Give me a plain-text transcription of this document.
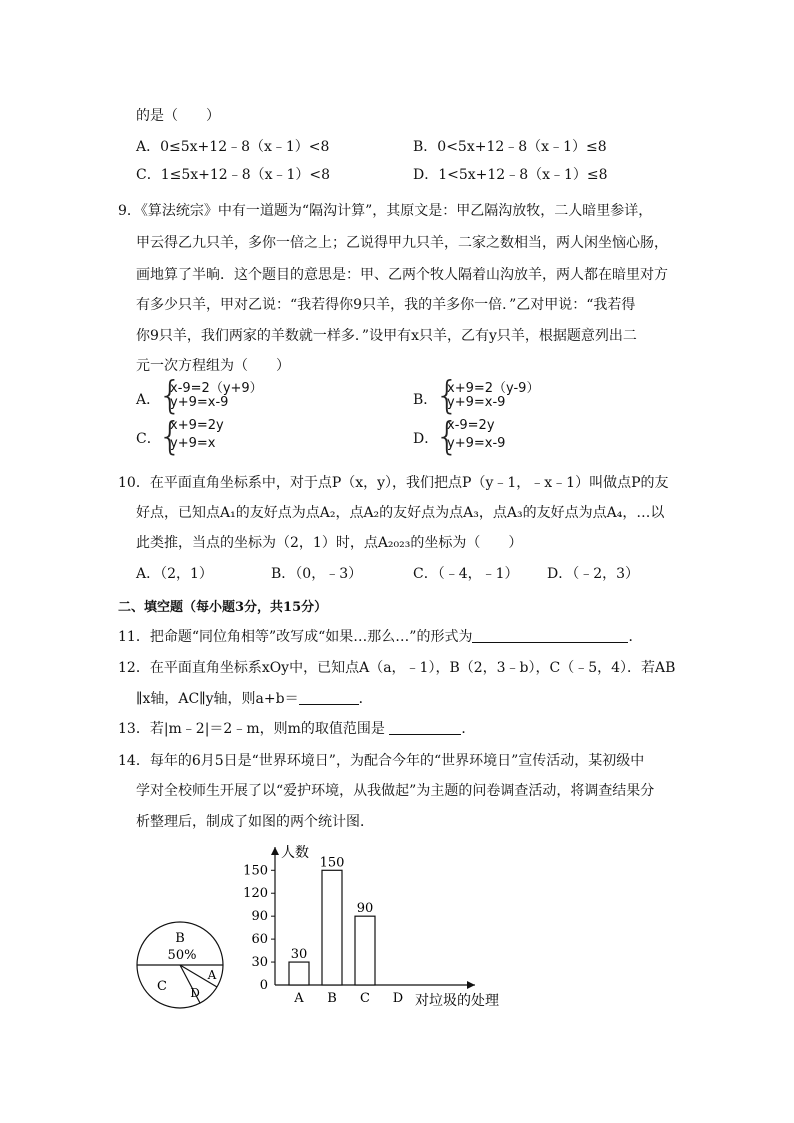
的是（　　）
A．0≤5x+12﹣8（x﹣1）<8	B．0<5x+12﹣8（x﹣1）≤8
C．1≤5x+12﹣8（x﹣1）<8	D．1<5x+12﹣8（x﹣1）≤8
9．《算法统宗》中有一道题为“隔沟计算”，其原文是：甲乙隔沟放牧，二人暗里参详，
甲云得乙九只羊，多你一倍之上；乙说得甲九只羊，二家之数相当，两人闲坐恼心肠，
画地算了半晌．这个题目的意思是：甲、乙两个牧人隔着山沟放羊，两人都在暗里对方
有多少只羊，甲对乙说：“我若得你9只羊，我的羊多你一倍．”乙对甲说：“我若得
你9只羊，我们两家的羊数就一样多．”设甲有x只羊，乙有y只羊，根据题意列出二
元一次方程组为（　　）
A．
{
x-9=2（y+9）
y+9=x-9	B．
{
x+9=2（y-9）
y+9=x-9
C．
{
x+9=2y
y+9=x	D．
{
x-9=2y
y+9=x-9
10．在平面直角坐标系中，对于点P（x，y），我们把点P（y﹣1，﹣x﹣1）叫做点P的友
好点，已知点A₁的友好点为点A₂，点A₂的友好点为点A₃，点A₃的友好点为点A₄，…以
此类推，当点的坐标为（2，1）时，点A₂₀₂₃的坐标为（　　）
A．（2，1）	B．（0，﹣3）	C．（﹣4，﹣1） D．（﹣2，3）
二、填空题（每小题3分，共15分）
11．把命题“同位角相等”改写成“如果…那么…”的形式为	．
12．在平面直角坐标系xOy中，已知点A（a，﹣1），B（2，3﹣b），C（﹣5，4）．若AB
∥x轴，AC∥y轴，则a+b＝	．
13．若|m﹣2|＝2﹣m，则m的取值范围是	．
14．每年的6月5日是“世界环境日”，为配合今年的“世界环境日”宣传活动，某初级中
学对全校师生开展了以“爱护环境，从我做起”为主题的问卷调查活动，将调查结果分
析整理后，制成了如图的两个统计图．
B
50%
C D
A
人数
对垃圾的处理
0
30
60
90
120
150
30
150
90
A B C D
